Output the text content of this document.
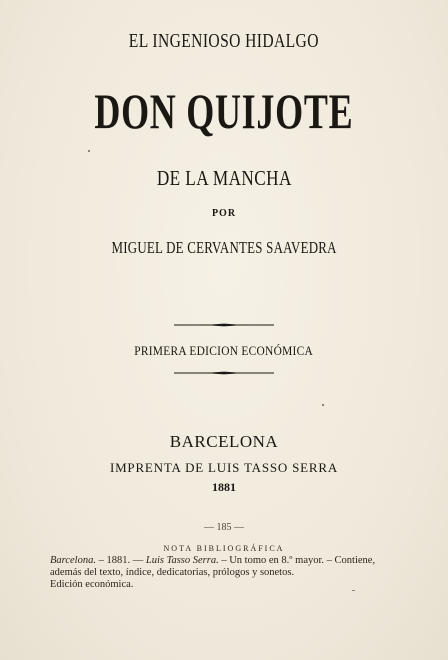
EL INGENIOSO HIDALGO
DON QUIJOTE
DE LA MANCHA
POR
MIGUEL DE CERVANTES SAAVEDRA
PRIMERA EDICION ECONÓMICA
BARCELONA
IMPRENTA DE LUIS TASSO SERRA
1881
— 185 —
NOTA BIBLIOGRÁFICA
Barcelona. – 1881. — Luis Tasso Serra. – Un tomo en 8.º mayor. – Contiene,
además del texto, índice, dedicatorias, prólogos y sonetos.
Edición económica.
